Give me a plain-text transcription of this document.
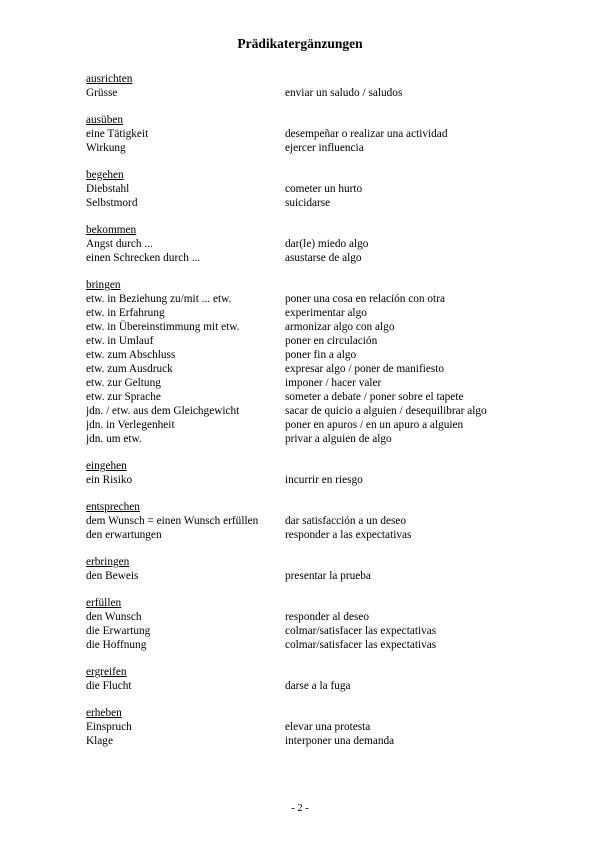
Prädikatergänzungen
ausrichten
Grüsse	enviar un saludo / saludos
ausüben
eine Tätigkeit	desempeñar o realizar una actividad
Wirkung	ejercer influencia
begehen
Diebstahl	cometer un hurto
Selbstmord	suicidarse
bekommen
Angst durch ...	dar(le) miedo algo
einen Schrecken durch ...	asustarse de algo
bringen
etw. in Beziehung zu/mit ... etw.	poner una cosa en relación con otra
etw. in Erfahrung	experimentar algo
etw. in Übereinstimmung mit etw.	armonizar algo con algo
etw. in Umlauf	poner en circulación
etw. zum Abschluss	poner fin a algo
etw. zum Ausdruck	expresar algo / poner de manifiesto
etw. zur Geltung	imponer / hacer valer
etw. zur Sprache	someter a debate / poner sobre el tapete
jdn. / etw. aus dem Gleichgewicht	sacar de quicio a alguien / desequilibrar algo
jdn. in Verlegenheit	poner en apuros / en un apuro a alguien
jdn. um etw.	privar a alguien de algo
eingehen
ein Risiko	incurrir en riesgo
entsprechen
dem Wunsch = einen Wunsch erfüllen	dar satisfacción a un deseo
den erwartungen	responder a las expectativas
erbringen
den Beweis	presentar la prueba
erfüllen
den Wunsch	responder al deseo
die Erwartung	colmar/satisfacer las expectativas
die Hoffnung	colmar/satisfacer las expectativas
ergreifen
die Flucht	darse a la fuga
erheben
Einspruch	elevar una protesta
Klage	interponer una demanda
- 2 -
